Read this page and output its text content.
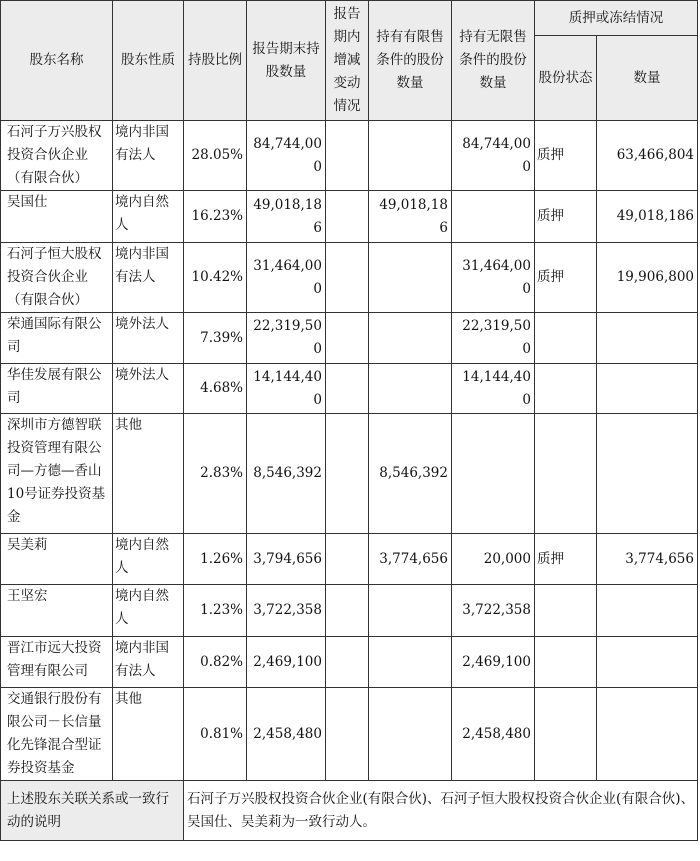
股东名称	股东性质	持股比例	报告期末持股数量	报告期内增减变动情况	持有有限售条件的股份数量	持有无限售条件的股份数量	质押或冻结情况	
							股份状态	数量
石河子万兴股权投资合伙企业（有限合伙）	境内非国有法人	28.05%	84,744,000			84,744,000	质押	63,466,804
吴国仕	境内自然人	16.23%	49,018,186		49,018,186		质押	49,018,186
石河子恒大股权投资合伙企业（有限合伙）	境内非国有法人	10.42%	31,464,000			31,464,000	质押	19,906,800
荣通国际有限公司	境外法人	7.39%	22,319,500			22,319,500		
华佳发展有限公司	境外法人	4.68%	14,144,400			14,144,400		
深圳市方德智联投资管理有限公司—方德—香山10号证券投资基金	其他	2.83%	8,546,392		8,546,392			
吴美莉	境内自然人	1.26%	3,794,656		3,774,656	20,000	质押	3,774,656
王坚宏	境内自然人	1.23%	3,722,358			3,722,358		
晋江市远大投资管理有限公司	境内非国有法人	0.82%	2,469,100			2,469,100		
交通银行股份有限公司－长信量化先锋混合型证券投资基金	其他	0.81%	2,458,480			2,458,480		
上述股东关联关系或一致行动的说明		石河子万兴股权投资合伙企业(有限合伙)、石河子恒大股权投资合伙企业(有限合伙)、吴国仕、吴美莉为一致行动人。						
